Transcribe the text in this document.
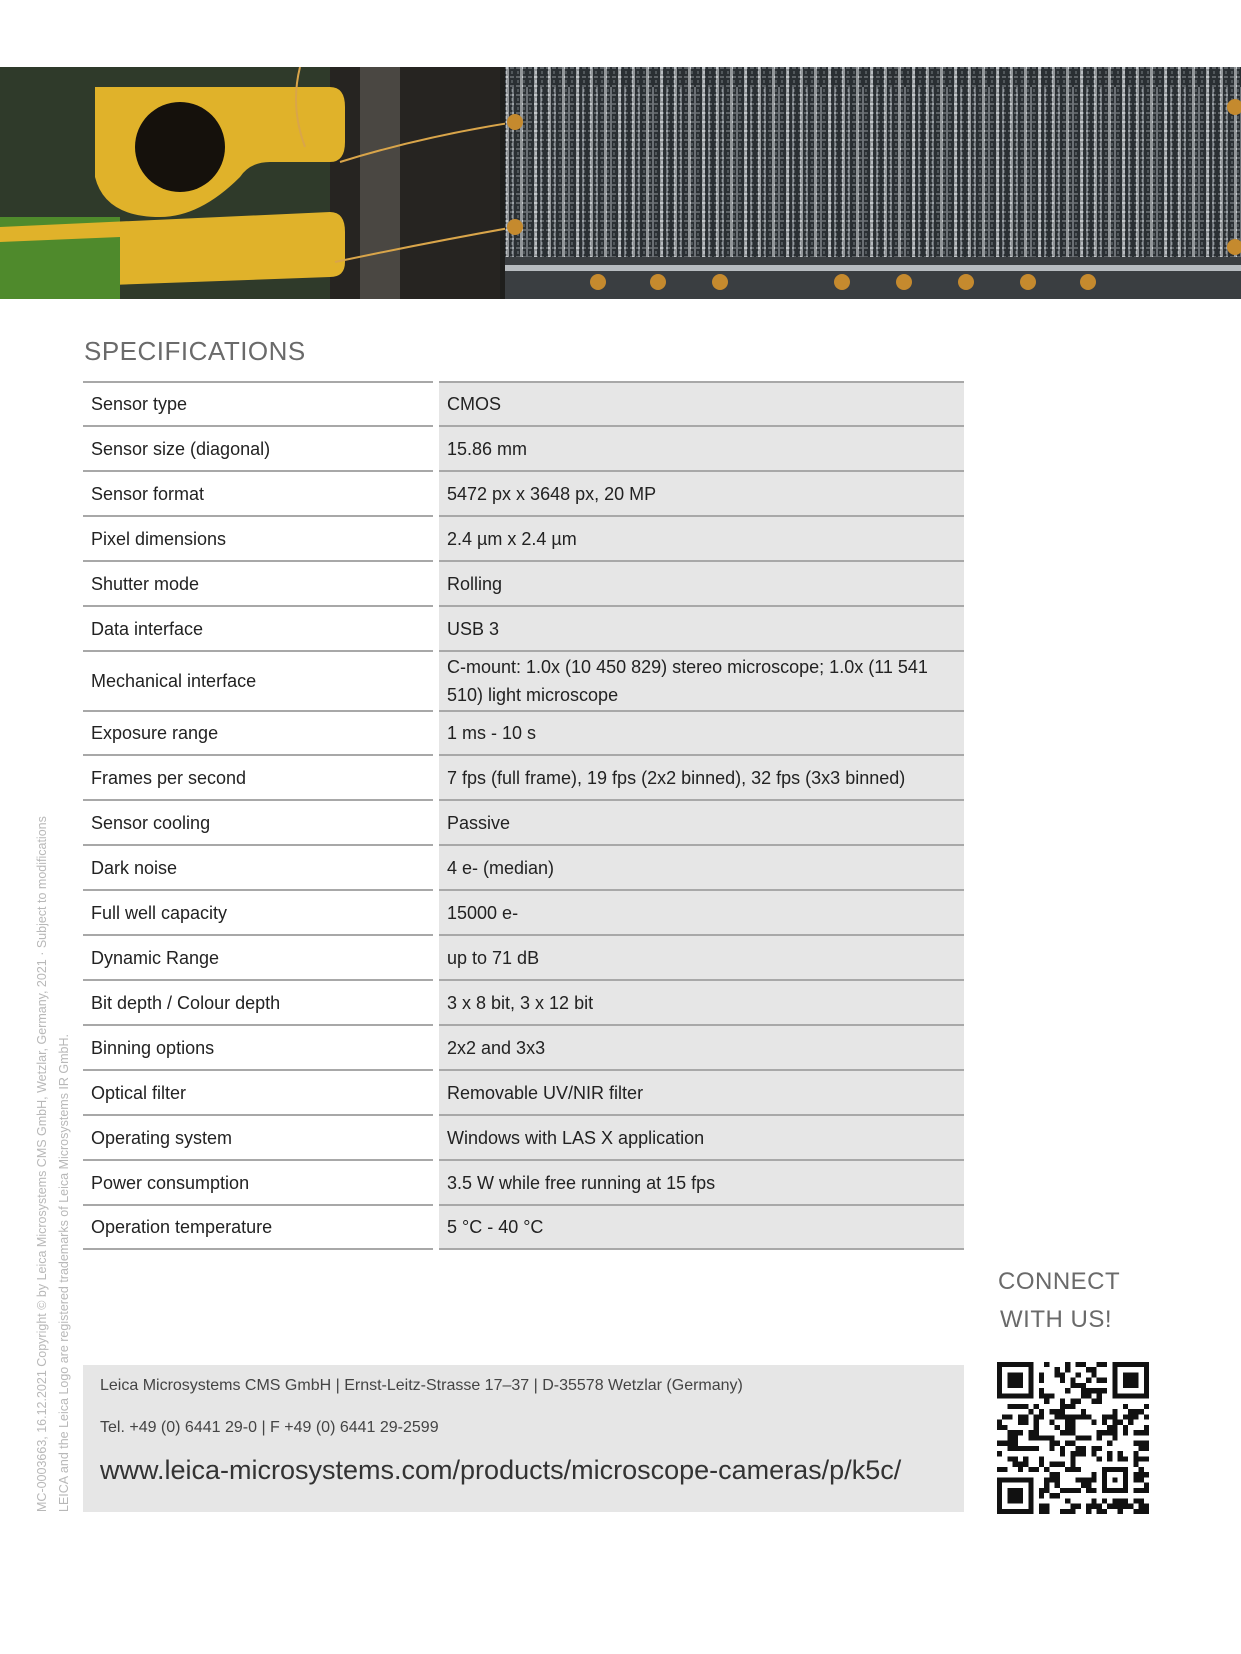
SPECIFICATIONS
Sensor type	CMOS
Sensor size (diagonal)	15.86 mm
Sensor format	5472 px x 3648 px, 20 MP
Pixel dimensions	2.4 µm x 2.4 µm
Shutter mode	Rolling
Data interface	USB 3
Mechanical interface	C-mount: 1.0x (10 450 829) stereo microscope; 1.0x (11 541 510) light microscope
Exposure range	1 ms - 10 s
Frames per second	7 fps (full frame), 19 fps (2x2 binned), 32 fps (3x3 binned)
Sensor cooling	Passive
Dark noise	4 e- (median)
Full well capacity	15000 e-
Dynamic Range	up to 71 dB
Bit depth / Colour depth	3 x 8 bit, 3 x 12 bit
Binning options	2x2 and 3x3
Optical filter	Removable UV/NIR filter
Operating system	Windows with LAS X application
Power consumption	3.5 W while free running at 15 fps
Operation temperature	5 °C - 40 °C
MC-0003663, 16.12.2021 Copyright © by Leica Microsystems CMS GmbH, Wetzlar, Germany, 2021 · Subject to modifications LEICA and the Leica Logo are registered trademarks of Leica Microsystems IR GmbH.	CONNECT
WITH US!
Leica Microsystems CMS GmbH | Ernst-Leitz-Strasse 17–37 | D-35578 Wetzlar (Germany)
Tel. +49 (0) 6441 29-0 | F +49 (0) 6441 29-2599
www.leica-microsystems.com/products/microscope-cameras/p/k5c/
